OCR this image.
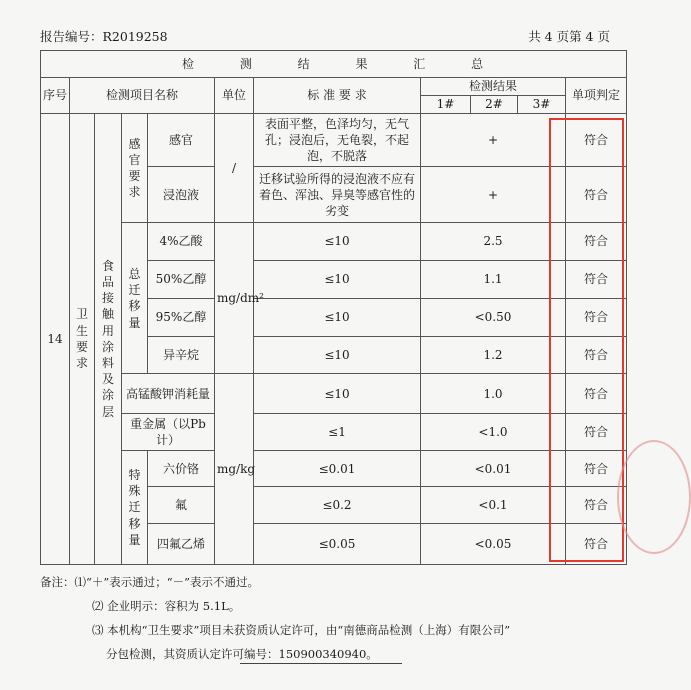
报告编号：R2019258	共 4 页第 4 页
检 测 结 果 汇 总										
序号	检测项目名称				单位	标 准 要 求	检测结果			单项判定
							1#	2#	3#	
14	卫生要求	食品接触用涂料及涂层	感官要求	感官	/	表面平整，色泽均匀，无气孔；浸泡后，无龟裂，不起泡，不脱落	+			符合
				浸泡液		迁移试验所得的浸泡液不应有着色、浑浊、异臭等感官性的劣变	+			符合
			总迁移量	4%乙酸	mg/dm²	≤10	2.5			符合
				50%乙醇		≤10	1.1			符合
				95%乙醇		≤10	<0.50			符合
				异辛烷		≤10	1.2			符合
			高锰酸钾消耗量		mg/kg	≤10	1.0			符合
			重金属（以Pb计）			≤1	<1.0			符合
			特殊迁移量	六价铬		≤0.01	<0.01			符合
				氟		≤0.2	<0.1			符合
				四氟乙烯		≤0.05	<0.05			符合
备注：⑴“＋”表示通过；“－”表示不通过。
⑵ 企业明示：容积为 5.1L。
⑶ 本机构“卫生要求”项目未获资质认定许可，由“南德商品检测（上海）有限公司”
分包检测，其资质认定许可编号：150900340940。
